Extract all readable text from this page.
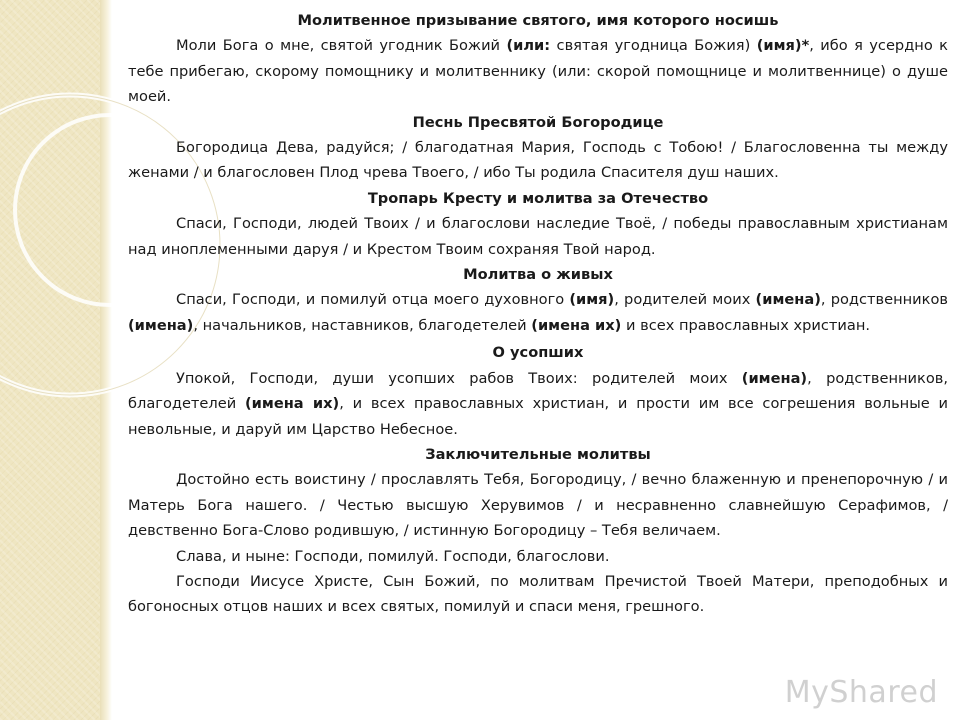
Молитвенное призывание святого, имя которого носишь

Моли Бога о мне, святой угодник Божий (или: святая угодница Божия) (имя)*, ибо я усердно к тебе прибегаю, скорому помощнику и молитвеннику (или: скорой помощнице и молитвеннице) о душе моей.

Песнь Пресвятой Богородице

Богородица Дева, радуйся; / благодатная Мария, Господь с Тобою! / Благословенна ты между женами / и благословен Плод чрева Твоего, / ибо Ты родила Спасителя душ наших.

Тропарь Кресту и молитва за Отечество

Спаси, Господи, людей Твоих / и благослови наследие Твоё, / победы православным христианам над иноплеменными даруя / и Крестом Твоим сохраняя Твой народ.

Молитва о живых

Спаси, Господи, и помилуй отца моего духовного (имя), родителей моих (имена), родственников (имена), начальников, наставников, благодетелей (имена их) и всех православных христиан.

О усопших

Упокой, Господи, души усопших рабов Твоих: родителей моих (имена), родственников, благодетелей (имена их), и всех православных христиан, и прости им все согрешения вольные и невольные, и даруй им Царство Небесное.

Заключительные молитвы

Достойно есть воистину / прославлять Тебя, Богородицу, / вечно блаженную и пренепорочную / и Матерь Бога нашего. / Честью высшую Херувимов / и несравненно славнейшую Серафимов, / девственно Бога-Слово родившую, / истинную Богородицу – Тебя величаем.

Слава, и ныне: Господи, помилуй. Господи, благослови.

Господи Иисусе Христе, Сын Божий, по молитвам Пречистой Твоей Матери, преподобных и богоносных отцов наших и всех святых, помилуй и спаси меня, грешного.

MyShared
